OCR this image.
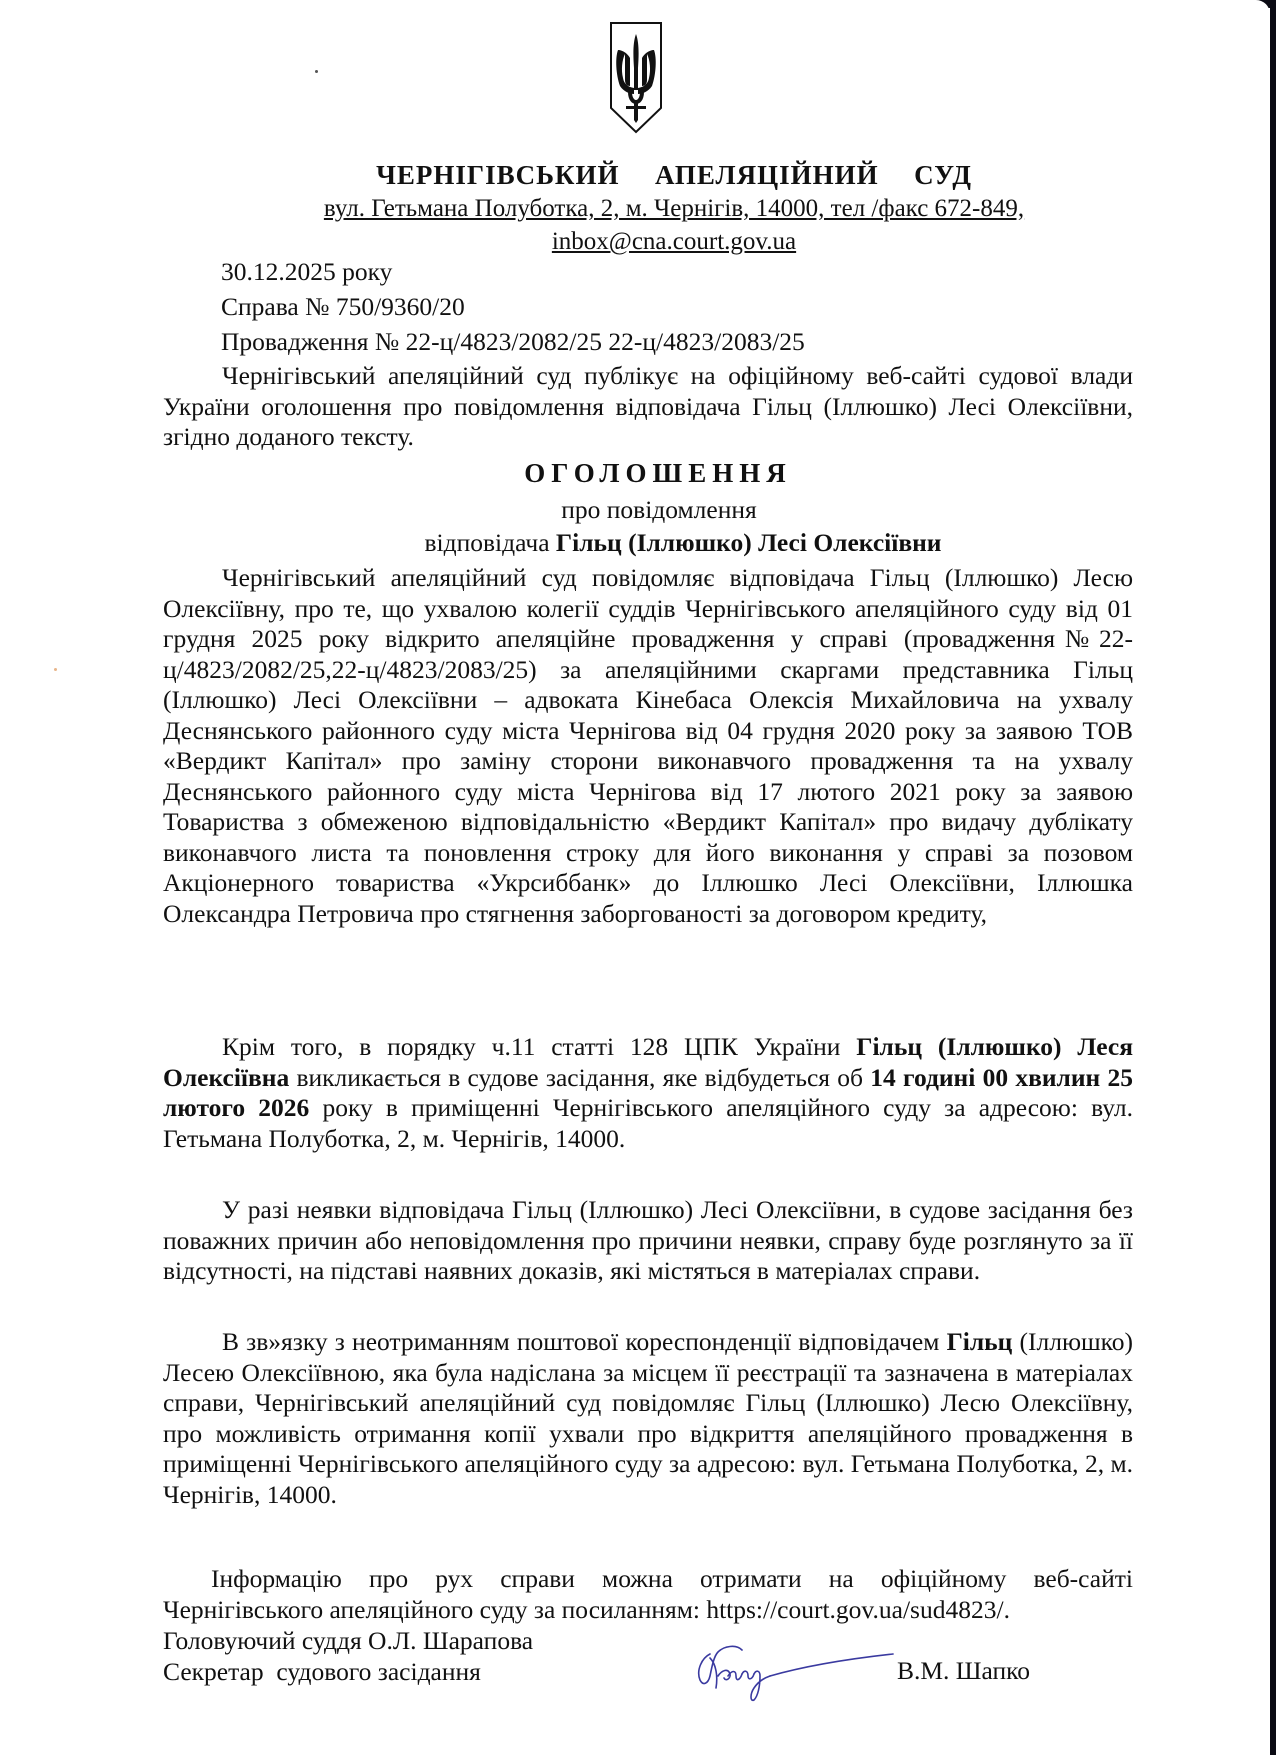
ЧЕРНІГІВСЬКИЙ  АПЕЛЯЦІЙНИЙ  СУД
вул. Гетьмана Полуботка, 2, м. Чернігів, 14000, тел /факс 672-849,
inbox@cna.court.gov.ua
30.12.2025 року
Справа № 750/9360/20
Провадження № 22-ц/4823/2082/25 22-ц/4823/2083/25
Чернігівський апеляційний суд публікує на офіційному веб-сайті судової влади України оголошення про повідомлення відповідача Гільц (Іллюшко) Лесі Олексіївни, згідно доданого тексту.
ОГОЛОШЕННЯ
про повідомлення
відповідача Гільц (Іллюшко) Лесі Олексіївни
Чернігівський апеляційний суд повідомляє відповідача Гільц (Іллюшко) Лесю Олексіївну, про те, що ухвалою колегії суддів Чернігівського апеляційного суду від 01 грудня 2025 року відкрито апеляційне провадження у справі (провадження№22-ц/4823/2082/25,22-ц/4823/2083/25) за апеляційними скаргами представника Гільц (Іллюшко) Лесі Олексіївни – адвоката Кінебаса Олексія Михайловича на ухвалу Деснянського районного суду міста Чернігова від 04 грудня 2020 року за заявою ТОВ «Вердикт Капітал» про заміну сторони виконавчого провадження та на ухвалу Деснянського районного суду міста Чернігова від 17 лютого 2021 року за заявою Товариства з обмеженою відповідальністю «Вердикт Капітал» про видачу дублікату виконавчого листа та поновлення строку для його виконання у справі за позовом Акціонерного товариства «Укрсиббанк» до Іллюшко Лесі Олексіївни, Іллюшка Олександра Петровича про стягнення заборгованості за договором кредиту,
Крім того, в порядку ч.11 статті 128 ЦПК України Гільц (Іллюшко) Леся Олексіївна викликається в судове засідання, яке відбудеться об 14 годині 00 хвилин 25 лютого 2026 року в приміщенні Чернігівського апеляційного суду за адресою: вул. Гетьмана Полуботка, 2, м. Чернігів, 14000.
У разі неявки відповідача Гільц (Іллюшко) Лесі Олексіївни, в судове засідання без поважних причин або неповідомлення про причини неявки, справу буде розглянуто за її відсутності, на підставі наявних доказів, які містяться в матеріалах справи.
В зв»язку з неотриманням поштової кореспонденції відповідачем Гільц (Іллюшко) Лесею Олексіївною, яка була надіслана за місцем її реєстрації та зазначена в матеріалах справи, Чернігівський апеляційний суд повідомляє Гільц (Іллюшко) Лесю Олексіївну, про можливість отримання копії ухвали про відкриття апеляційного провадження в приміщенні Чернігівського апеляційного суду за адресою: вул. Гетьмана Полуботка, 2, м. Чернігів, 14000.
Інформацію про рух справи можна отримати на офіційному веб-сайті Чернігівського апеляційного суду за посиланням: https://court.gov.ua/sud4823/.
Головуючий суддя О.Л. Шарапова
Секретар  судового засідання	В.М. Шапко
